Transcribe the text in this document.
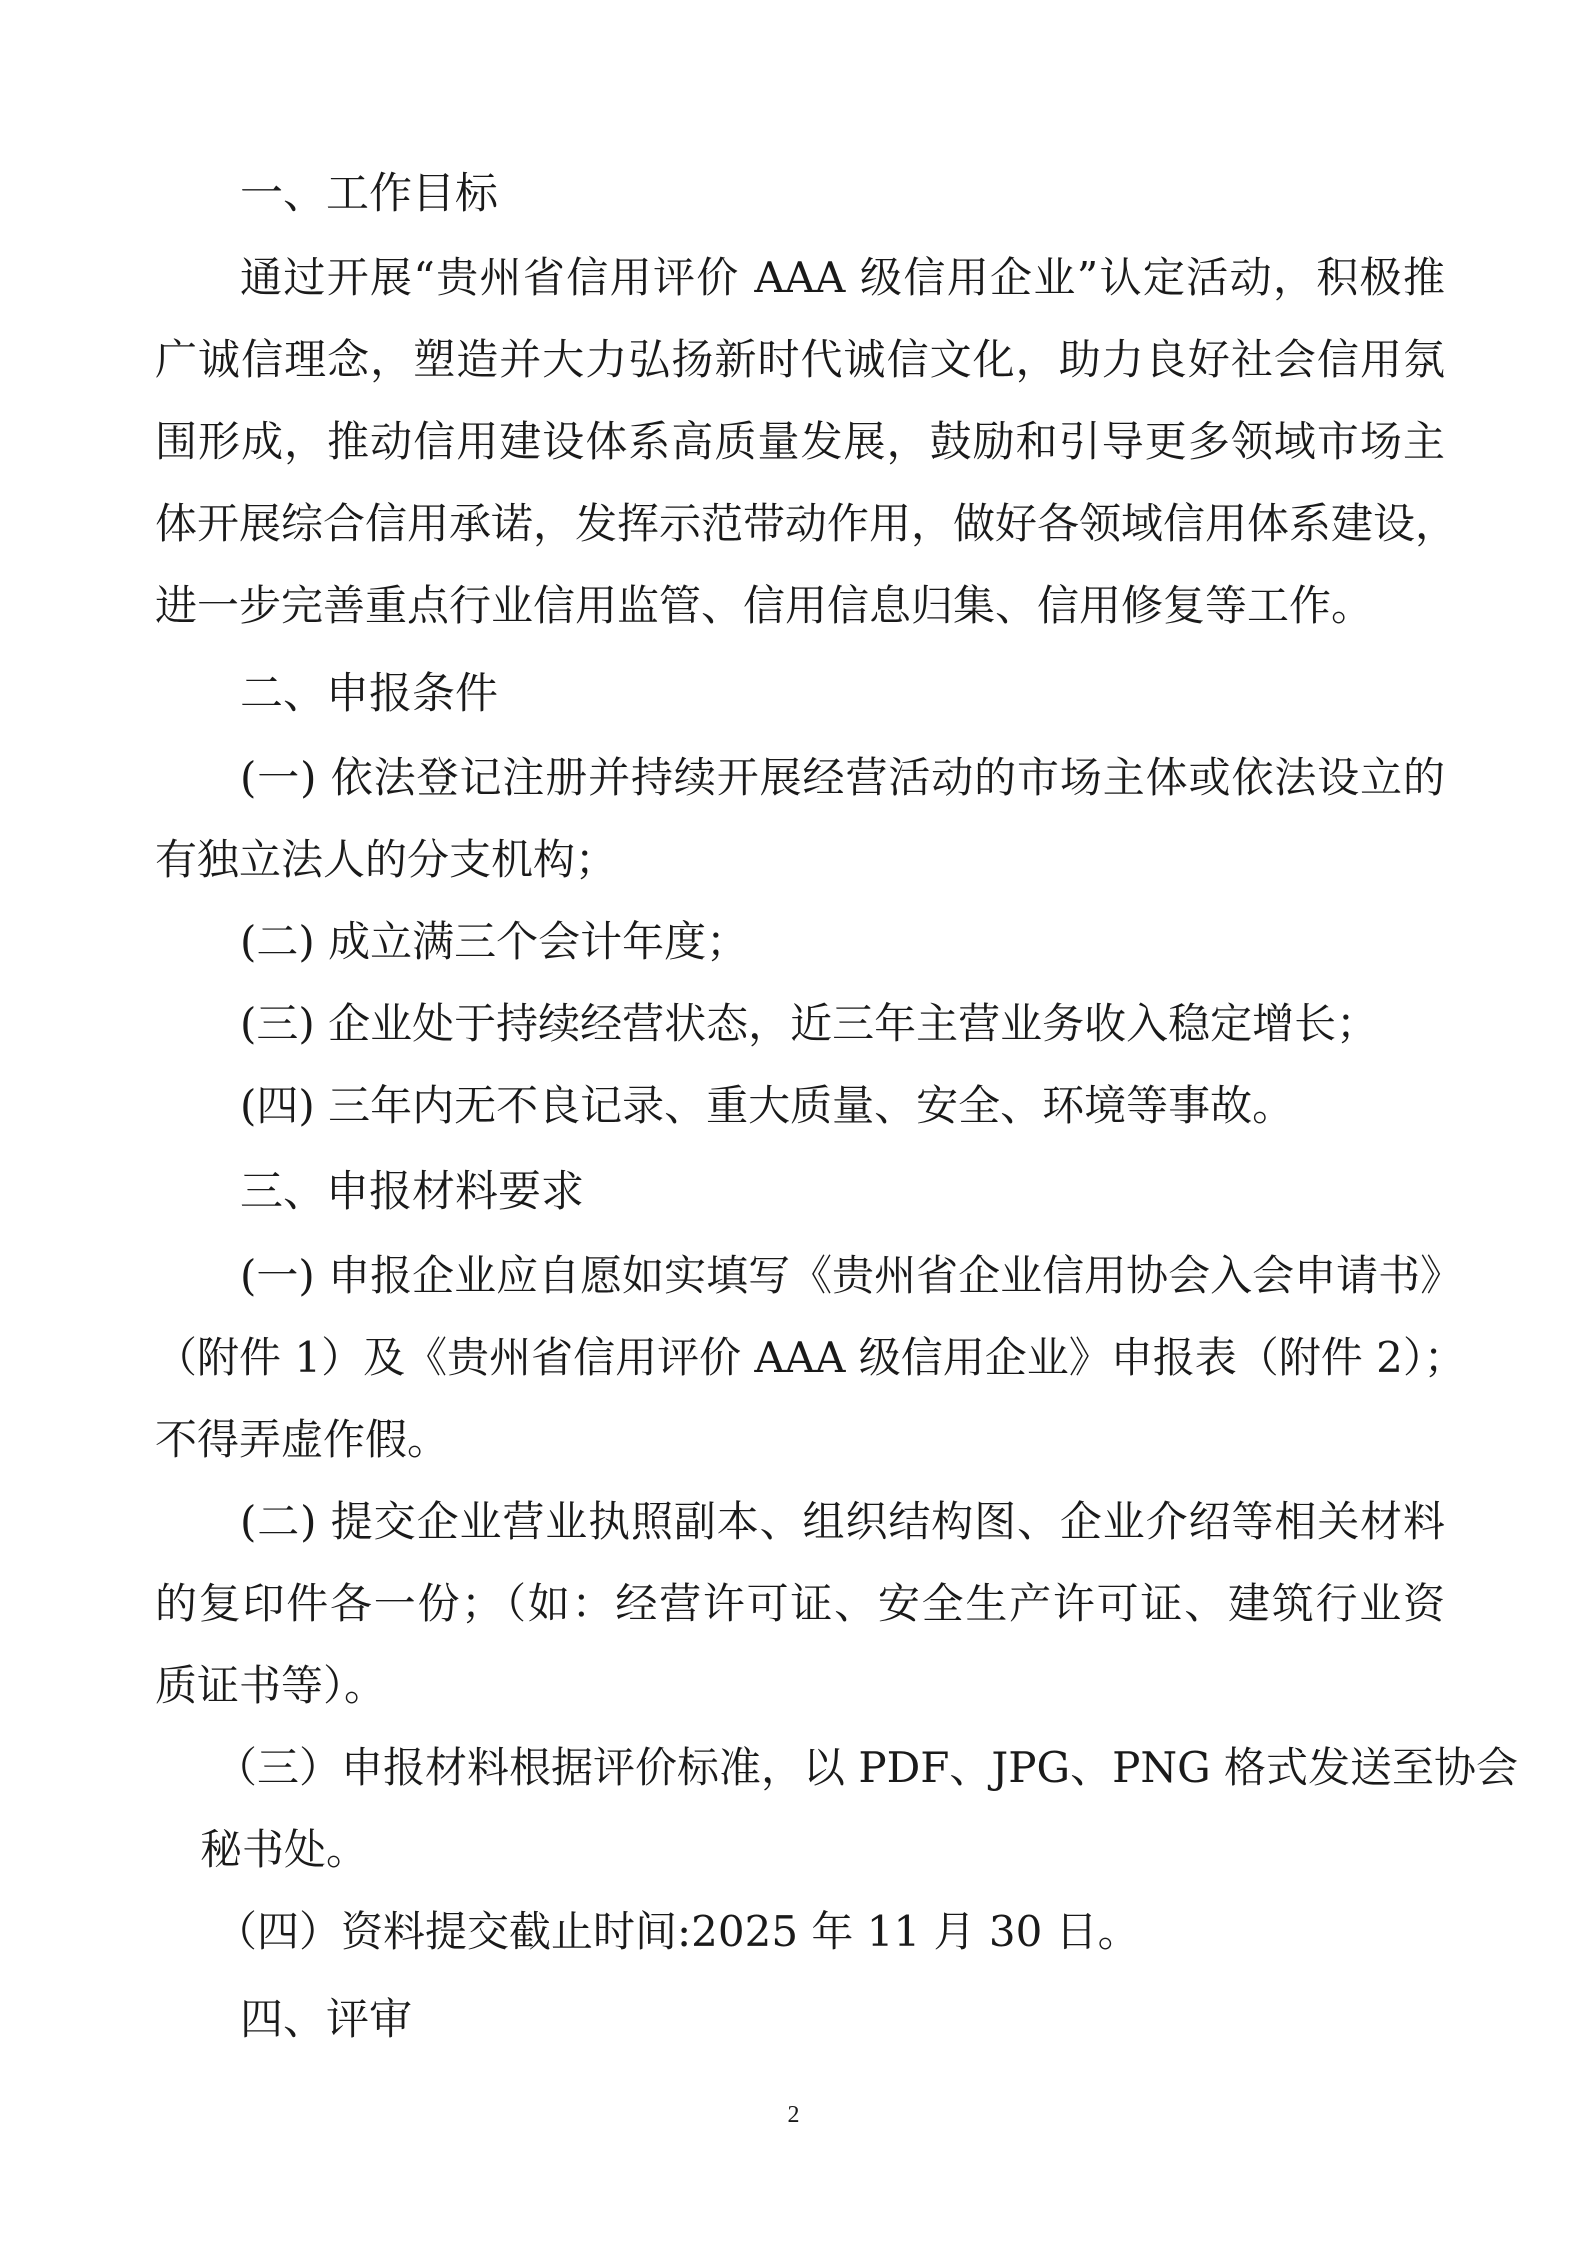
一、工作目标
通过开展“贵州省信用评价 AAA 级信用企业”认定活动，积极推
广诚信理念，塑造并大力弘扬新时代诚信文化，助力良好社会信用氛
围形成，推动信用建设体系高质量发展，鼓励和引导更多领域市场主
体开展综合信用承诺，发挥示范带动作用，做好各领域信用体系建设，
进一步完善重点行业信用监管、信用信息归集、信用修复等工作。
二、申报条件
(一) 依法登记注册并持续开展经营活动的市场主体或依法设立的
有独立法人的分支机构；
(二) 成立满三个会计年度；
(三) 企业处于持续经营状态，近三年主营业务收入稳定增长；
(四) 三年内无不良记录、重大质量、安全、环境等事故。
三、申报材料要求
(一) 申报企业应自愿如实填写《贵州省企业信用协会入会申请书》
（附件 1）及《贵州省信用评价 AAA 级信用企业》申报表（附件 2）；
不得弄虚作假。
(二) 提交企业营业执照副本、组织结构图、企业介绍等相关材料
的复印件各一份；（如：经营许可证、安全生产许可证、建筑行业资
质证书等）。
（三）申报材料根据评价标准，以 PDF、JPG、PNG 格式发送至协会
秘书处。
（四）资料提交截止时间:2025 年 11 月 30 日。
四、评审
2
